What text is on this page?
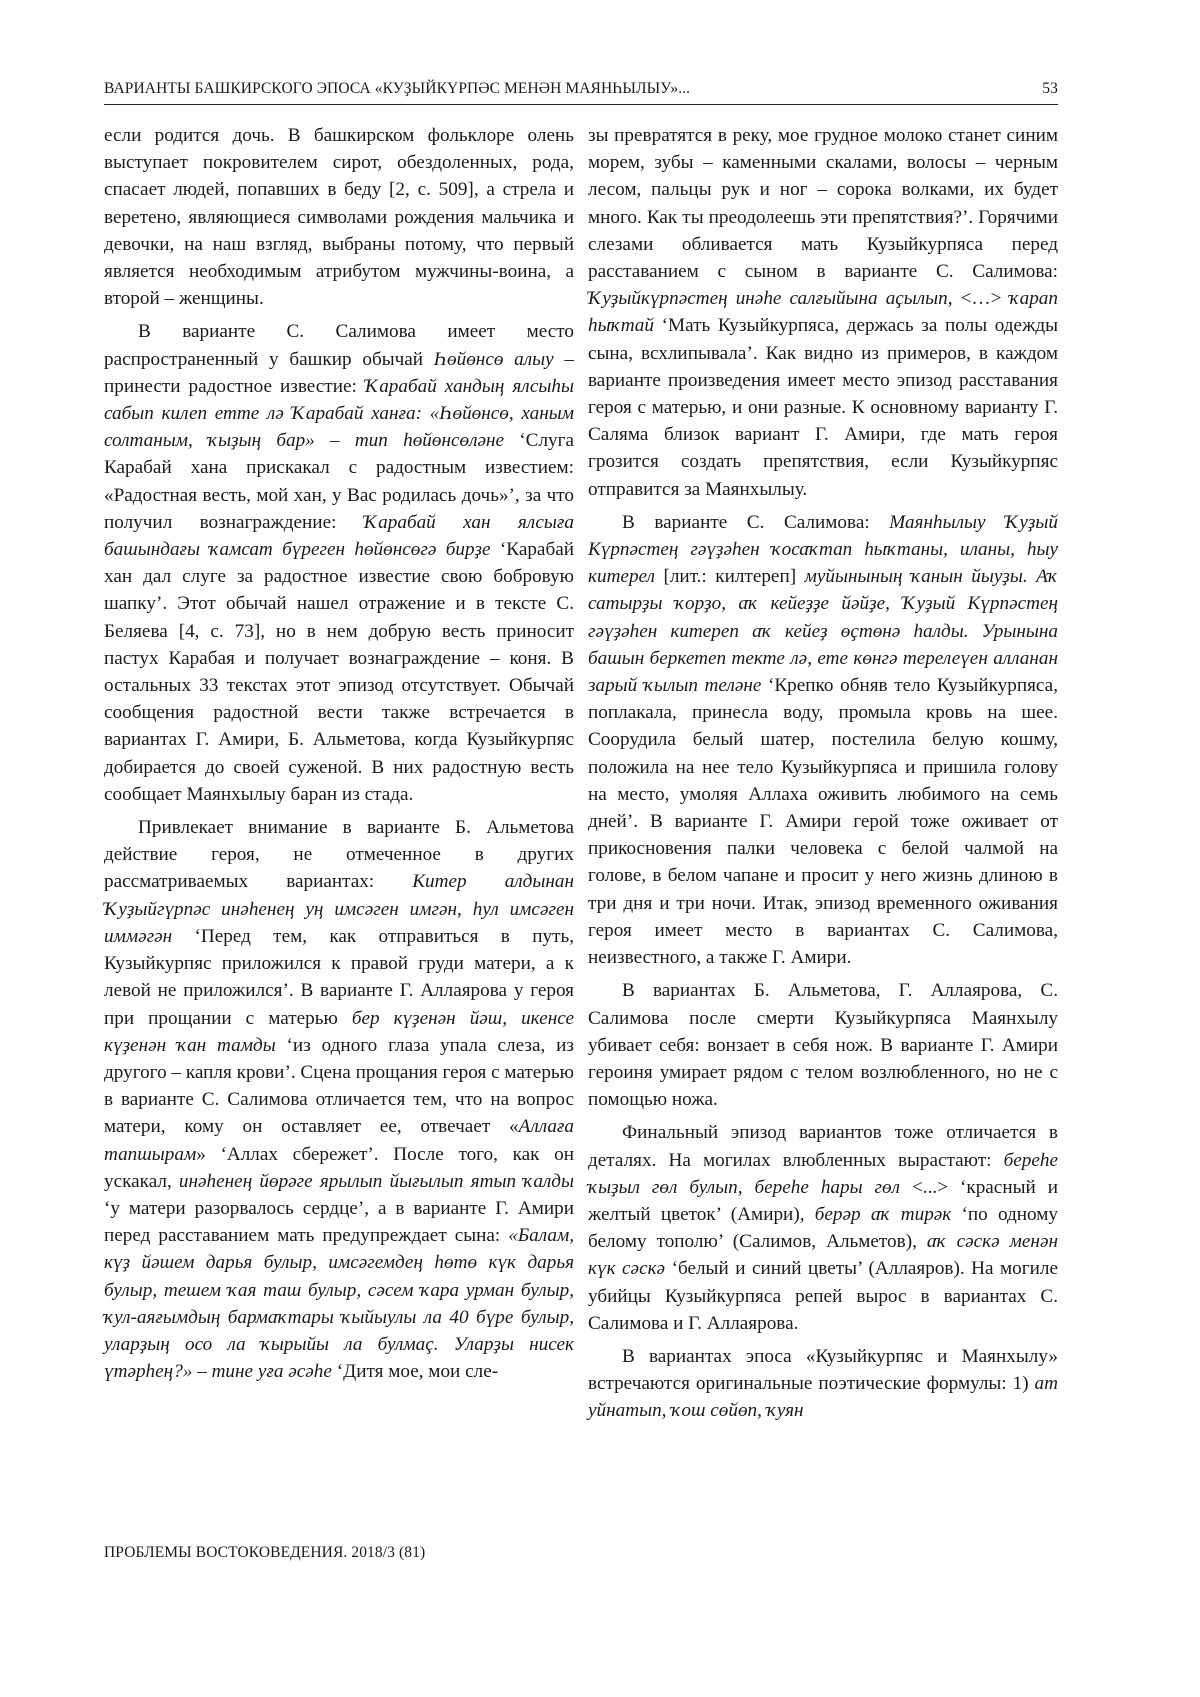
ВАРИАНТЫ БАШКИРСКОГО ЭПОСА «КУҘЫЙКҮРПӘС МЕНӘН МАЯНҺЫЛЫУ»...	53

если родится дочь. В башкирском фольклоре олень выступает покровителем сирот, обездоленных, рода, спасает людей, попавших в беду [2, с. 509], а стрела и веретено, являющиеся символами рождения мальчика и девочки, на наш взгляд, выбраны потому, что первый является необходимым атрибутом мужчины-воина, а второй – женщины.

В варианте С. Салимова имеет место распространенный у башкир обычай Һөйөнсө алыу – принести радостное известие: Ҡарабай хандың ялсыһы сабып килеп етте лә Ҡарабай ханға: «Һөйөнсө, ханым солтаным, ҡыҙың бар» – тип һөйөнсөләне ‘Слуга Карабай хана прискакал с радостным известием: «Радостная весть, мой хан, у Вас родилась дочь»’, за что получил вознаграждение: Ҡарабай хан ялсыға башындағы ҡамсат бүреген һөйөнсөгә бирҙе ‘Карабай хан дал слуге за радостное известие свою бобровую шапку’. Этот обычай нашел отражение и в тексте С. Беляева [4, с. 73], но в нем добрую весть приносит пастух Карабая и получает вознаграждение – коня. В остальных 33 текстах этот эпизод отсутствует. Обычай сообщения радостной вести также встречается в вариантах Г. Амири, Б. Альметова, когда Кузыйкурпяс добирается до своей суженой. В них радостную весть сообщает Маянхылыу баран из стада.

Привлекает внимание в варианте Б. Альметова действие героя, не отмеченное в других рассматриваемых вариантах: Китер алдынан Ҡуҙыйгүрпәс инәһенең уң имсәген имгән, һул имсәген иммәгән ‘Перед тем, как отправиться в путь, Кузыйкурпяс приложился к правой груди матери, а к левой не приложился’. В варианте Г. Аллаярова у героя при прощании с матерью бер күҙенән йәш, икенсе күҙенән ҡан тамды ‘из одного глаза упала слеза, из другого – капля крови’. Сцена прощания героя с матерью в варианте С. Салимова отличается тем, что на вопрос матери, кому он оставляет ее, отвечает «Аллаға тапшырам» ‘Аллах сбережет’. После того, как он ускакал, инәһенең йөрәге ярылып йығылып ятып ҡалды ‘у матери разорвалось сердце’, а в варианте Г. Амири перед расставанием мать предупреждает сына: «Балам, күҙ йәшем дарья булыр, имсәгемдең һөтө күк дарья булыр, тешем ҡая таш булыр, сәсем ҡара урман булыр, ҡул-аяғымдың бармаҡтары ҡыйыулы ла 40 бүре булыр, уларҙың осо ла ҡырыйы ла булмаç. Уларҙы нисек үтәрһең?» – тине уға әсәһе ‘Дитя мое, мои сле-

зы превратятся в реку, мое грудное молоко станет синим морем, зубы – каменными скалами, волосы – черным лесом, пальцы рук и ног – сорока волками, их будет много. Как ты преодолеешь эти препятствия?’. Горячими слезами обливается мать Кузыйкурпяса перед расставанием с сыном в варианте С. Салимова: Ҡуҙыйкүрпәстең инәһе салғыйына аҫылып, <…> ҡарап һыҡтай ‘Мать Кузыйкурпяса, держась за полы одежды сына, всхлипывала’. Как видно из примеров, в каждом варианте произведения имеет место эпизод расставания героя с матерью, и они разные. К основному варианту Г. Саляма близок вариант Г. Амири, где мать героя грозится создать препятствия, если Кузыйкурпяс отправится за Маянхылыу.

В варианте С. Салимова: Маянһылыу Ҡуҙый Күрпәстең гәүҙәһен ҡосаҡтап һыҡтаны, иланы, һыу китерел [лит.: килтереп] муйынының ҡанын йыуҙы. Аҡ сатырҙы ҡорҙо, аҡ кейеҙҙе йәйҙе, Ҡуҙый Күрпәстең гәүҙәһен китереп аҡ кейеҙ өҫтөнә һалды. Урынына башын беркетеп текте лә, ете көнгә терелеүен алланан зарый ҡылып теләне ‘Крепко обняв тело Кузыйкурпяса, поплакала, принесла воду, промыла кровь на шее. Соорудила белый шатер, постелила белую кошму, положила на нее тело Кузыйкурпяса и пришила голову на место, умоляя Аллаха оживить любимого на семь дней’. В варианте Г. Амири герой тоже оживает от прикосновения палки человека с белой чалмой на голове, в белом чапане и просит у него жизнь длиною в три дня и три ночи. Итак, эпизод временного оживания героя имеет место в вариантах С. Салимова, неизвестного, а также Г. Амири.

В вариантах Б. Альметова, Г. Аллаярова, С. Салимова после смерти Кузыйкурпяса Маянхылу убивает себя: вонзает в себя нож. В варианте Г. Амири героиня умирает рядом с телом возлюбленного, но не с помощью ножа.

Финальный эпизод вариантов тоже отличается в деталях. На могилах влюбленных вырастают: береһе ҡыҙыл гөл булып, береһе һары гөл <...> ‘красный и желтый цветок’ (Амири), берәр аҡ тирәк ‘по одному белому тополю’ (Салимов, Альметов), аҡ сәскә менән күк сәскә ‘белый и синий цветы’ (Аллаяров). На могиле убийцы Кузыйкурпяса репей вырос в вариантах С. Салимова и Г. Аллаярова.

В вариантах эпоса «Кузыйкурпяс и Маянхылу» встречаются оригинальные поэтические формулы: 1) ат уйнатып, ҡош сөйөп, ҡуян

ПРОБЛЕМЫ ВОСТОКОВЕДЕНИЯ. 2018/3 (81)
